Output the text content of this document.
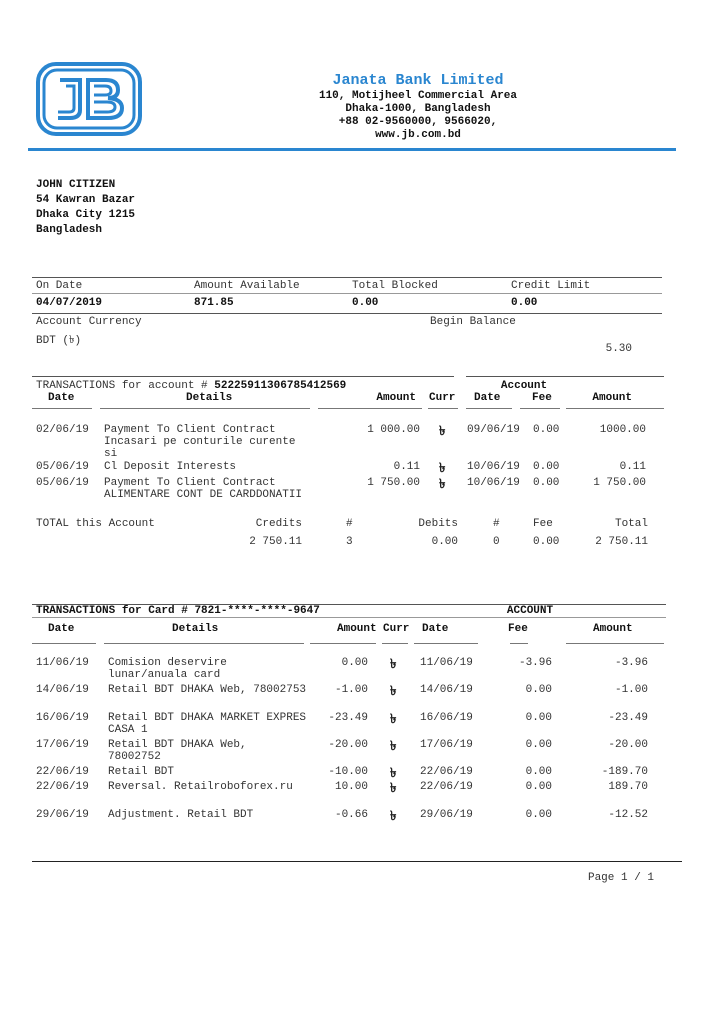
Janata Bank Limited
110, Motijheel Commercial Area
Dhaka-1000, Bangladesh
+88 02-9560000, 9566020,
www.jb.com.bd
JOHN CITIZEN
54 Kawran Bazar
Dhaka City 1215
Bangladesh
On Date	Amount Available	Total Blocked	Credit Limit
04/07/2019	871.85	0.00	0.00
Account Currency	Begin Balance
BDT (৳)
5.30
TRANSACTIONS for account # 52225911306785412569	Account
Date	Details	Amount Curr Date	Fee	Amount
02/06/19 Payment To Client Contract
Incasari pe conturile curente
si
1 000.00 ৳ 09/06/19 0.00	1000.00
05/06/19 Cl Deposit Interests	0.11 ৳ 10/06/19 0.00	0.11
05/06/19 Payment To Client Contract
ALIMENTARE CONT DE CARDDONATII
1 750.00 ৳ 10/06/19 0.00	1 750.00
TOTAL this Account	Credits	#	Debits	#	Fee	Total
2 750.11	3	0.00	0	0.00	2 750.11
TRANSACTIONS for Card # 7821-****-****-9647	ACCOUNT
Date	Details	Amount Curr Date	Fee	Amount
11/06/19 Comision deservire
lunar/anuala card
0.00 ৳ 11/06/19	-3.96	-3.96
14/06/19 Retail BDT DHAKA Web, 78002753	-1.00 ৳ 14/06/19	0.00	-1.00
16/06/19 Retail BDT DHAKA MARKET EXPRES
CASA 1
-23.49 ৳ 16/06/19	0.00	-23.49
17/06/19 Retail BDT DHAKA Web,
78002752
-20.00 ৳ 17/06/19	0.00	-20.00
22/06/19 Retail BDT	-10.00 ৳ 22/06/19	0.00	-189.70
22/06/19 Reversal. Retailroboforex.ru	10.00 ৳ 22/06/19	0.00	189.70
29/06/19 Adjustment. Retail BDT	-0.66 ৳ 29/06/19	0.00	-12.52
Page 1 / 1
